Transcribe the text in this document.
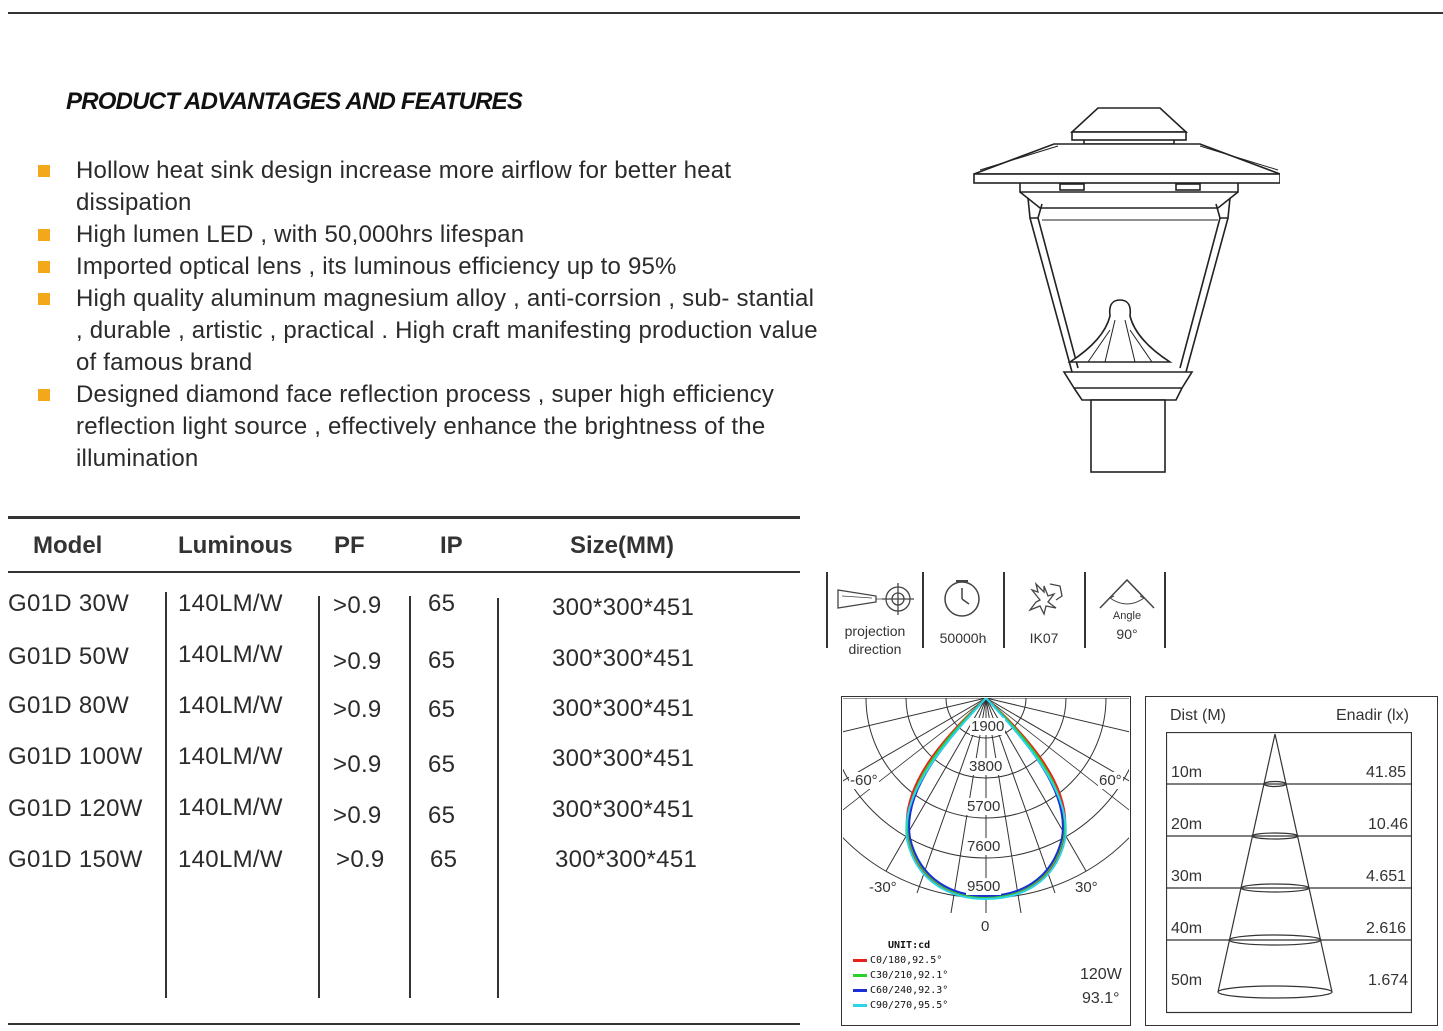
PRODUCT ADVANTAGES AND FEATURES
Hollow heat sink design increase more airflow for better heat dissipation
High lumen LED , with 50,000hrs lifespan
Imported optical lens , its luminous efficiency up to 95%
High quality aluminum magnesium alloy , anti-corrsion , sub- stantial , durable , artistic , practical . High craft manifesting production value of famous brand
Designed diamond face reflection process , super high efficiency reflection light source , effectively enhance the brightness of the illumination
Model	Luminous PF	IP	Size(MM)
G01D 30W 140LM/W >0.9 65	300*300*451
G01D 50W 140LM/W >0.9 65	300*300*451
G01D 80W 140LM/W >0.9 65	300*300*451
G01D 100W 140LM/W >0.9 65	300*300*451
G01D 120W 140LM/W >0.9 65	300*300*451
G01D 150W 140LM/W >0.9 65	300*300*451
projection
direction
50000h	IK07
Angle
90°
1900
3800
5700
7600
9500
-60°	60°
-30°	30°
0
UNIT:cd
C0/180,92.5°
C30/210,92.1°
C60/240,92.3°
C90/270,95.5°
120W
93.1°
Dist (M)	Enadir (lx)
10m	41.85
20m	10.46
30m	4.651
40m	2.616
50m	1.674
